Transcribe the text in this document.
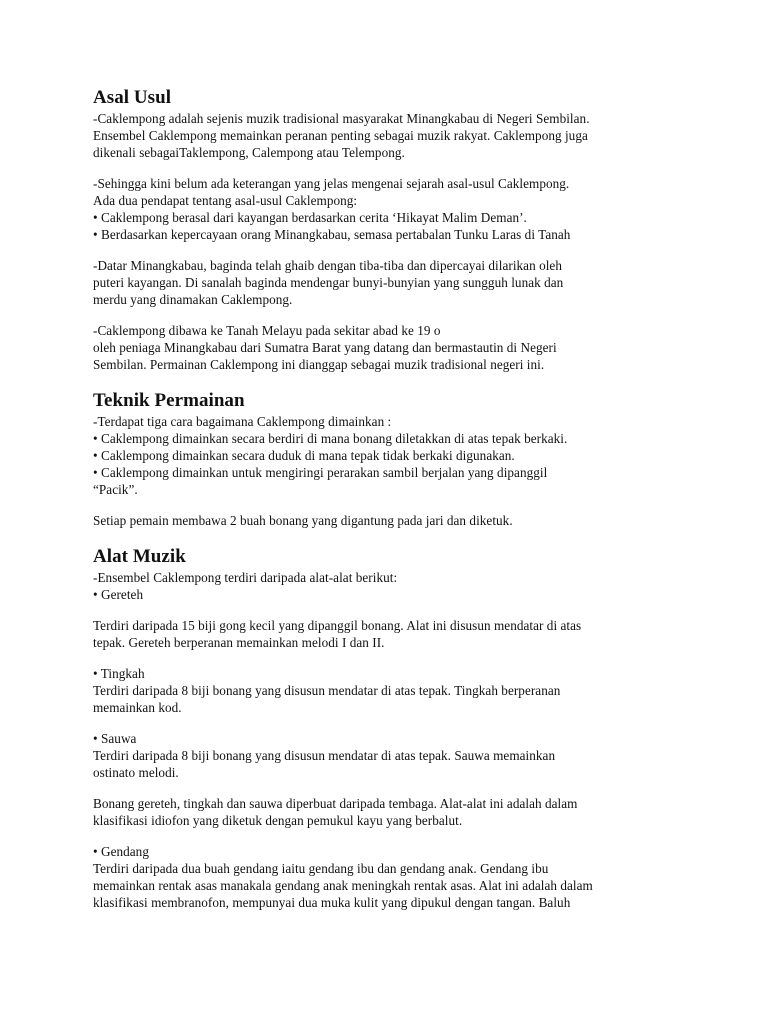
Asal Usul
-Caklempong adalah sejenis muzik tradisional masyarakat Minangkabau di Negeri Sembilan.
Ensembel Caklempong memainkan peranan penting sebagai muzik rakyat. Caklempong juga
dikenali sebagaiTaklempong, Calempong atau Telempong.
-Sehingga kini belum ada keterangan yang jelas mengenai sejarah asal-usul Caklempong.
Ada dua pendapat tentang asal-usul Caklempong:
• Caklempong berasal dari kayangan berdasarkan cerita ‘Hikayat Malim Deman’.
• Berdasarkan kepercayaan orang Minangkabau, semasa pertabalan Tunku Laras di Tanah
-Datar Minangkabau, baginda telah ghaib dengan tiba-tiba dan dipercayai dilarikan oleh
puteri kayangan. Di sanalah baginda mendengar bunyi-bunyian yang sungguh lunak dan
merdu yang dinamakan Caklempong.
-Caklempong dibawa ke Tanah Melayu pada sekitar abad ke 19 o
oleh peniaga Minangkabau dari Sumatra Barat yang datang dan bermastautin di Negeri
Sembilan. Permainan Caklempong ini dianggap sebagai muzik tradisional negeri ini.
Teknik Permainan
-Terdapat tiga cara bagaimana Caklempong dimainkan :
• Caklempong dimainkan secara berdiri di mana bonang diletakkan di atas tepak berkaki.
• Caklempong dimainkan secara duduk di mana tepak tidak berkaki digunakan.
• Caklempong dimainkan untuk mengiringi perarakan sambil berjalan yang dipanggil
“Pacik”.
Setiap pemain membawa 2 buah bonang yang digantung pada jari dan diketuk.
Alat Muzik
-Ensembel Caklempong terdiri daripada alat-alat berikut:
• Gereteh
Terdiri daripada 15 biji gong kecil yang dipanggil bonang. Alat ini disusun mendatar di atas
tepak. Gereteh berperanan memainkan melodi I dan II.
• Tingkah
Terdiri daripada 8 biji bonang yang disusun mendatar di atas tepak. Tingkah berperanan
memainkan kod.
• Sauwa
Terdiri daripada 8 biji bonang yang disusun mendatar di atas tepak. Sauwa memainkan
ostinato melodi.
Bonang gereteh, tingkah dan sauwa diperbuat daripada tembaga. Alat-alat ini adalah dalam
klasifikasi idiofon yang diketuk dengan pemukul kayu yang berbalut.
• Gendang
Terdiri daripada dua buah gendang iaitu gendang ibu dan gendang anak. Gendang ibu
memainkan rentak asas manakala gendang anak meningkah rentak asas. Alat ini adalah dalam
klasifikasi membranofon, mempunyai dua muka kulit yang dipukul dengan tangan. Baluh
